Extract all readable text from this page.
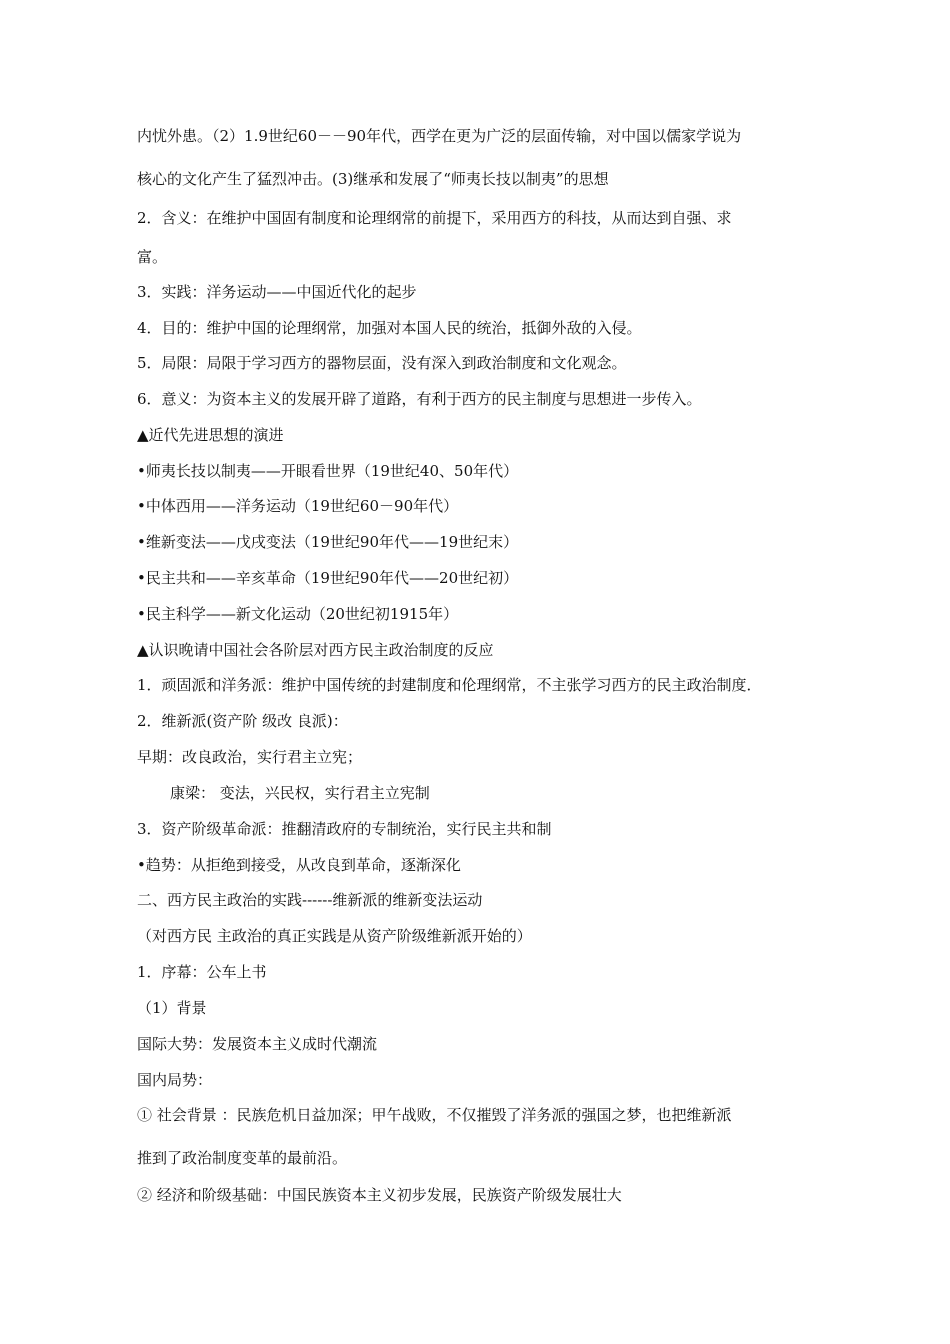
内忧外患。（2）1.9世纪60－－90年代，西学在更为广泛的层面传输，对中国以儒家学说为
核心的文化产生了猛烈冲击。(3)继承和发展了“师夷长技以制夷”的思想
2．含义：在维护中国固有制度和论理纲常的前提下，采用西方的科技，从而达到自强、求
富。
3．实践：洋务运动——中国近代化的起步
4．目的：维护中国的论理纲常，加强对本国人民的统治，抵御外敌的入侵。
5．局限：局限于学习西方的器物层面，没有深入到政治制度和文化观念。
6．意义：为资本主义的发展开辟了道路，有利于西方的民主制度与思想进一步传入。
▲近代先进思想的演进
•师夷长技以制夷——开眼看世界（19世纪40、50年代）
•中体西用——洋务运动（19世纪60－90年代）
•维新变法——戊戌变法（19世纪90年代——19世纪末）
•民主共和——辛亥革命（19世纪90年代——20世纪初）
•民主科学——新文化运动（20世纪初1915年）
▲认识晚请中国社会各阶层对西方民主政治制度的反应
1．顽固派和洋务派：维护中国传统的封建制度和伦理纲常，不主张学习西方的民主政治制度．
2．维新派(资产阶 级改 良派)：
早期：改良政治，实行君主立宪；
康梁： 变法，兴民权，实行君主立宪制
3．资产阶级革命派：推翻清政府的专制统治，实行民主共和制
•趋势：从拒绝到接受，从改良到革命，逐渐深化
二、西方民主政治的实践------维新派的维新变法运动
（对西方民 主政治的真正实践是从资产阶级维新派开始的）
1．序幕：公车上书
（1）背景
国际大势：发展资本主义成时代潮流
国内局势：
① 社会背景 ：民族危机日益加深；甲午战败，不仅摧毁了洋务派的强国之梦，也把维新派
推到了政治制度变革的最前沿。
② 经济和阶级基础：中国民族资本主义初步发展，民族资产阶级发展壮大
